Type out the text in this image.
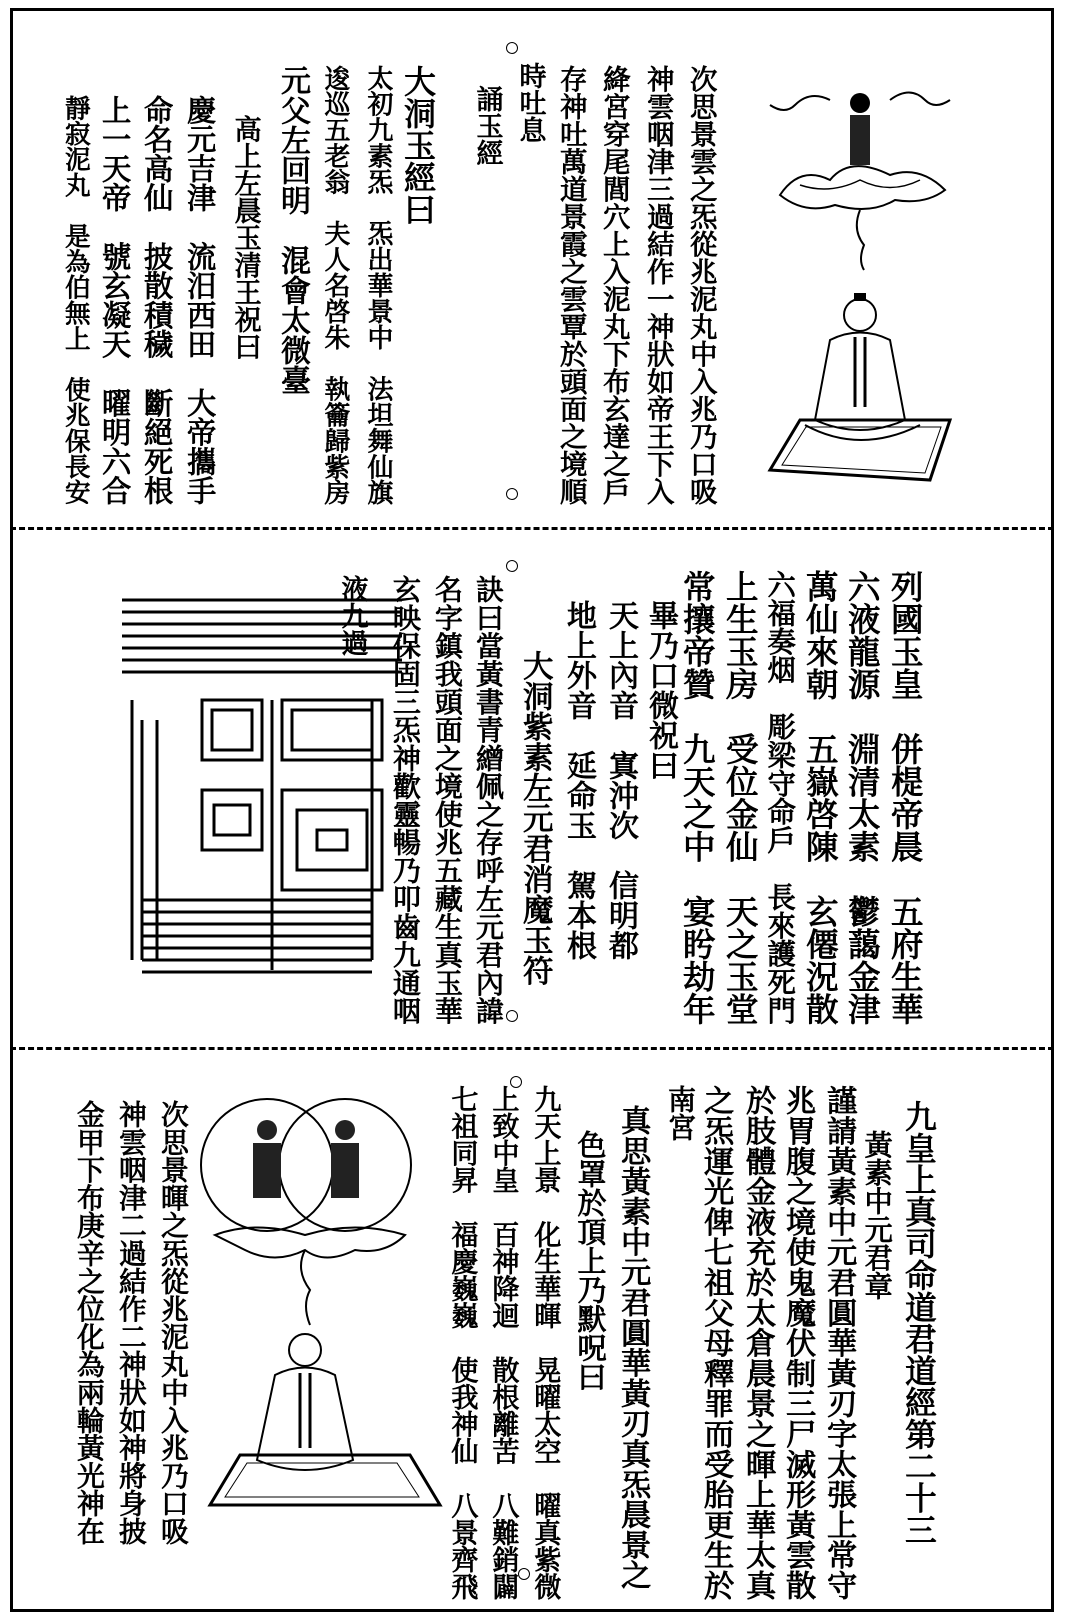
次思景雲之炁從兆泥丸中入兆乃口吸
神雲咽津三過結作一神狀如帝王下入
絳宮穿尾閭穴上入泥丸下布玄達之戶
存神吐萬道景霞之雲覃於頭面之境順
時吐息
誦玉經
大洞玉經曰
太初九素炁　炁出華景中　法坦舞仙旗
逡巡五老翁　夫人名啓朱　執籥歸紫房
元父左回明　混會太微臺
高上左晨玉清王祝曰
慶元吉津　流汨西田　大帝攜手
命名高仙　披散積穢　斷絕死根
上一天帝　號玄凝天　曜明六合
靜寂泥丸　是為伯無上　使兆保長安
列國玉皇　併㮛帝晨　五府生華
六液龍源　淵清太素　鬱藹金津
萬仙來朝　五嶽啓陳　玄僊況散
六福奏烟　彫梁守命戶　長來護死門
上生玉房　受位金仙　天之玉堂
常攘帝贊　九天之中　宴盻劫年
畢乃口微祝曰
天上內音　寘沖次　信明都
地上外音　延命玉　駕本根
大洞紫素左元君消魔玉符
訣曰當黃書青繒佩之存呼左元君內諱
名字鎮我頭面之境使兆五藏生真玉華
玄映保固三炁神歡靈暢乃叩齒九通咽
液九過
九皇上真司命道君道經第二十三
黃素中元君章
謹請黃素中元君圓華黃刃字太張上常守
兆胃腹之境使鬼魔伏制三尸滅形黃雲散
於肢體金液充於太倉晨景之暉上華太真
之炁運光俾七祖父母釋罪而受胎更生於
南宮
真思黃素中元君圓華黃刃真炁晨景之
色罩於頂上乃默呪曰
九天上景　化生華暉　晃曜太空　曜真紫微
上致中皇　百神降迴　散根離苦　八難銷闢
七祖同昇　福慶巍巍　使我神仙　八景齊飛
次思景暉之炁從兆泥丸中入兆乃口吸
神雲咽津二過結作二神狀如神將身披
金甲下布庚辛之位化為兩輪黃光神在
